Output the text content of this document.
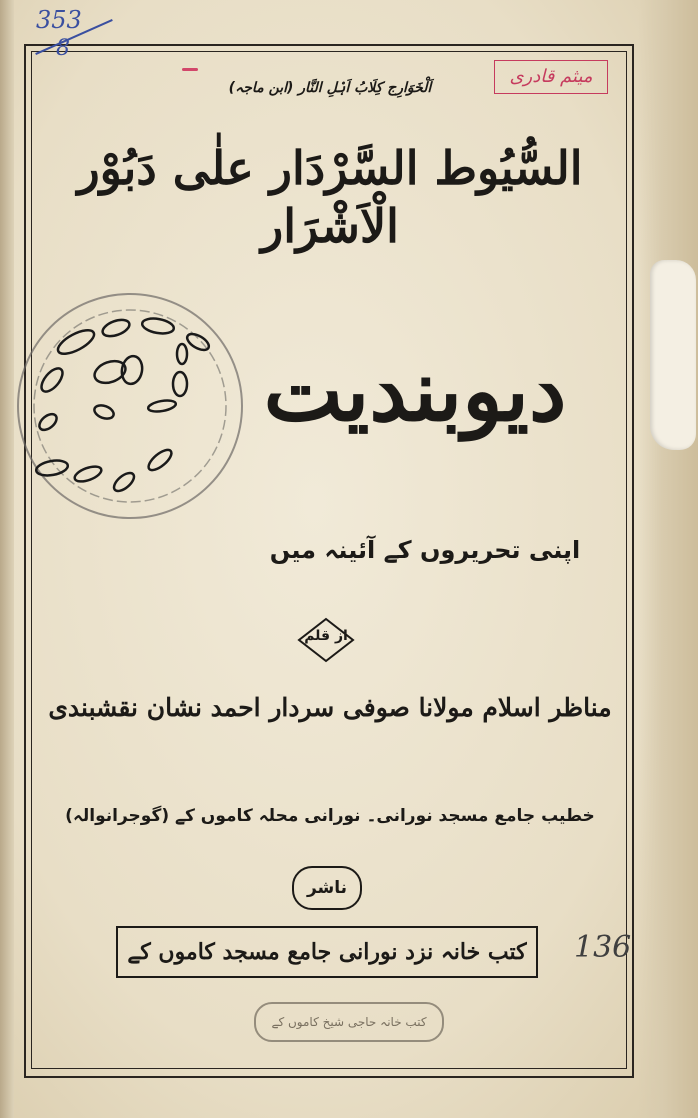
353
8
میثم قادری
اَلْخَوَارِج کِلَابُ اَہْلِ النَّار (ابن ماجہ)
السُّیُوط السَّرْدَار علٰی دَبُوْر الْاَشْرَار
دیوبندیت
اپنی تحریروں کے آئینہ میں
از قلم
مناظر اسلام مولانا صوفی سردار احمد نشان نقشبندی
خطیب جامع مسجد نورانی۔ نورانی محلہ کاموں کے (گوجرانوالہ)
ناشر
کتب خانہ نزد نورانی جامع مسجد کاموں کے	136
کتب خانہ حاجی شیخ کاموں کے
